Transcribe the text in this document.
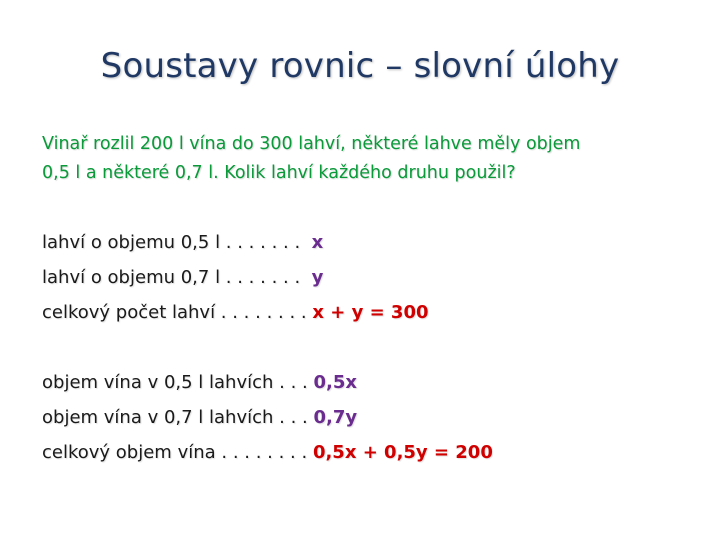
Soustavy rovnic – slovní úlohy
Vinař rozlil 200 l vína do 300 lahví, některé lahve měly objem
0,5 l a některé 0,7 l. Kolik lahví každého druhu použil?
lahví o objemu 0,5 l . . . . . . .  x
lahví o objemu 0,7 l . . . . . . .  y
celkový počet lahví . . . . . . . . x + y = 300
objem vína v 0,5 l lahvích . . . 0,5x
objem vína v 0,7 l lahvích . . . 0,7y
celkový objem vína . . . . . . . . 0,5x + 0,5y = 200
